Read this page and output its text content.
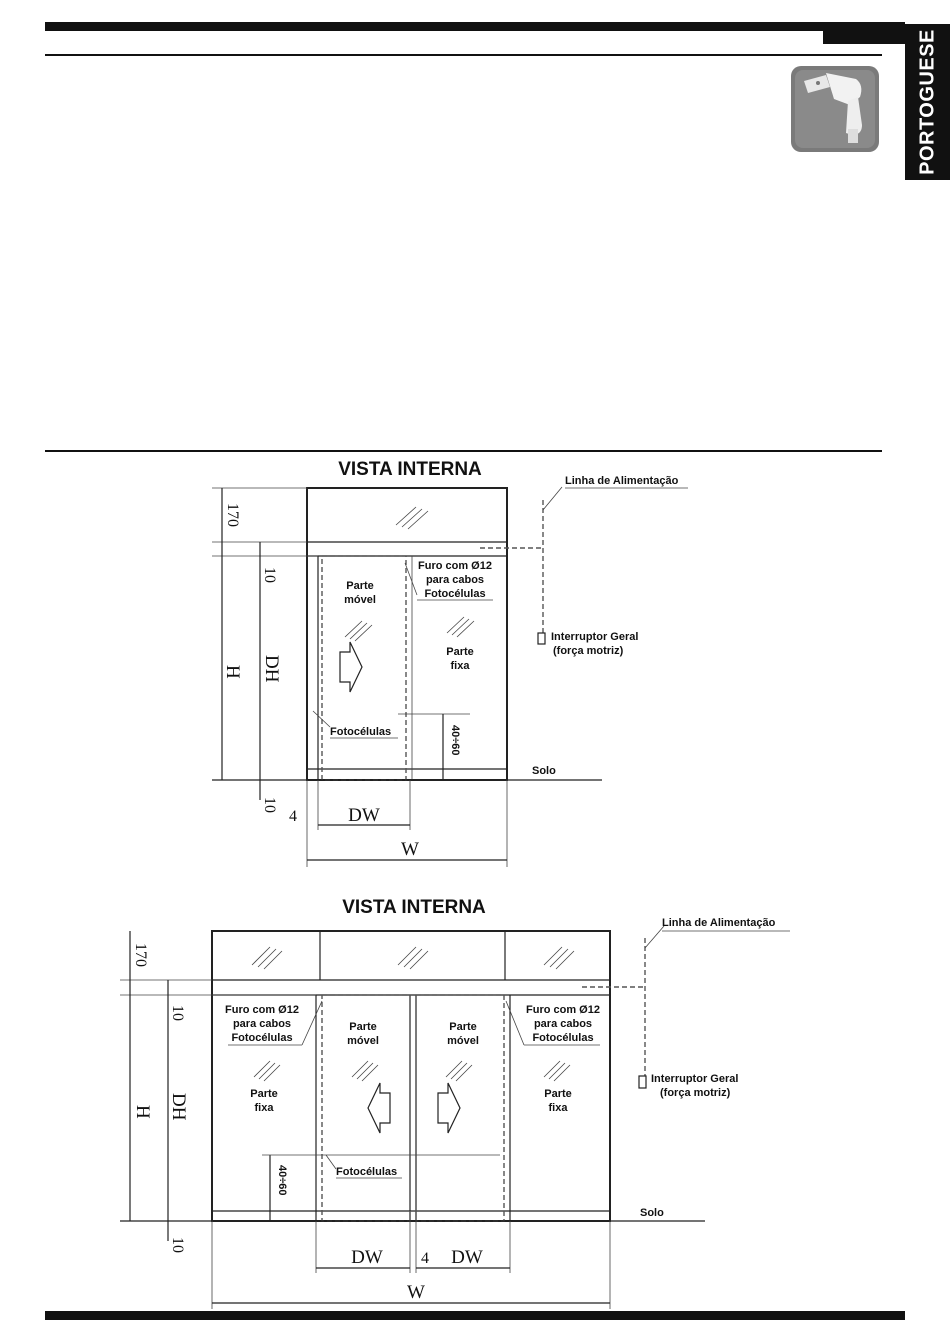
PORTOGUESE
VISTA INTERNA
Parte
móvel
Parte
fixa
Furo com Ø12
para cabos
Fotocélulas
Linha de Alimentação
Interruptor Geral
(força motriz)
Fotocélulas	40÷60
Solo
170
10
H DH
10
4	DW
W
VISTA INTERNA
Parte
móvel
Parte
móvel
Parte
fixa
Parte
fixa
Furo com Ø12
para cabos
Fotocélulas
Furo com Ø12
para cabos
Fotocélulas
Linha de Alimentação
Interruptor Geral
(força motriz)
Fotocélulas
40÷60
Solo
170
10
H DH
10
DW 4 DW
W
